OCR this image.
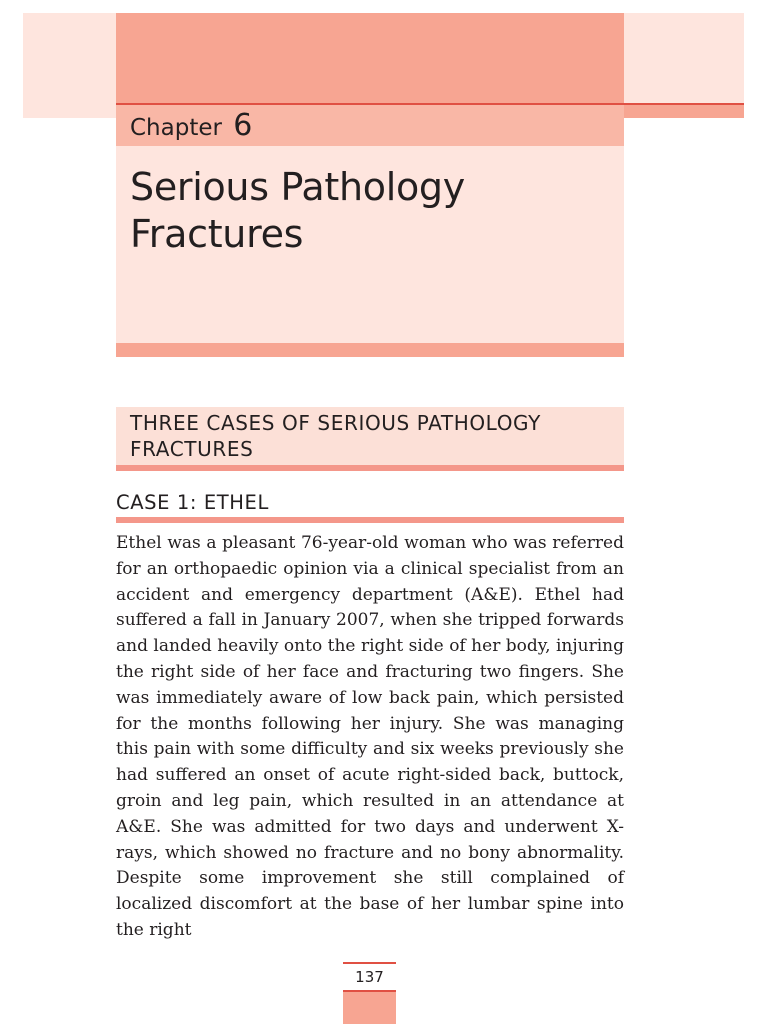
Chapter 6
Serious Pathology
Fractures
THREE CASES OF SERIOUS PATHOLOGY FRACTURES
CASE 1: ETHEL

Ethel was a pleasant 76-year-old woman who was referred for an orthopaedic opinion via a clinical specialist from an accident and emergency department (A&E). Ethel had suffered a fall in January 2007, when she tripped forwards and landed heavily onto the right side of her body, injuring the right side of her face and fracturing two fingers. She was immediately aware of low back pain, which persisted for the months following her injury. She was managing this pain with some difficulty and six weeks previously she had suffered an onset of acute right-sided back, buttock, groin and leg pain, which resulted in an attendance at A&E. She was admitted for two days and underwent X-rays, which showed no fracture and no bony abnormality. Despite some improvement she still complained of localized discomfort at the base of her lumbar spine into the right

137
